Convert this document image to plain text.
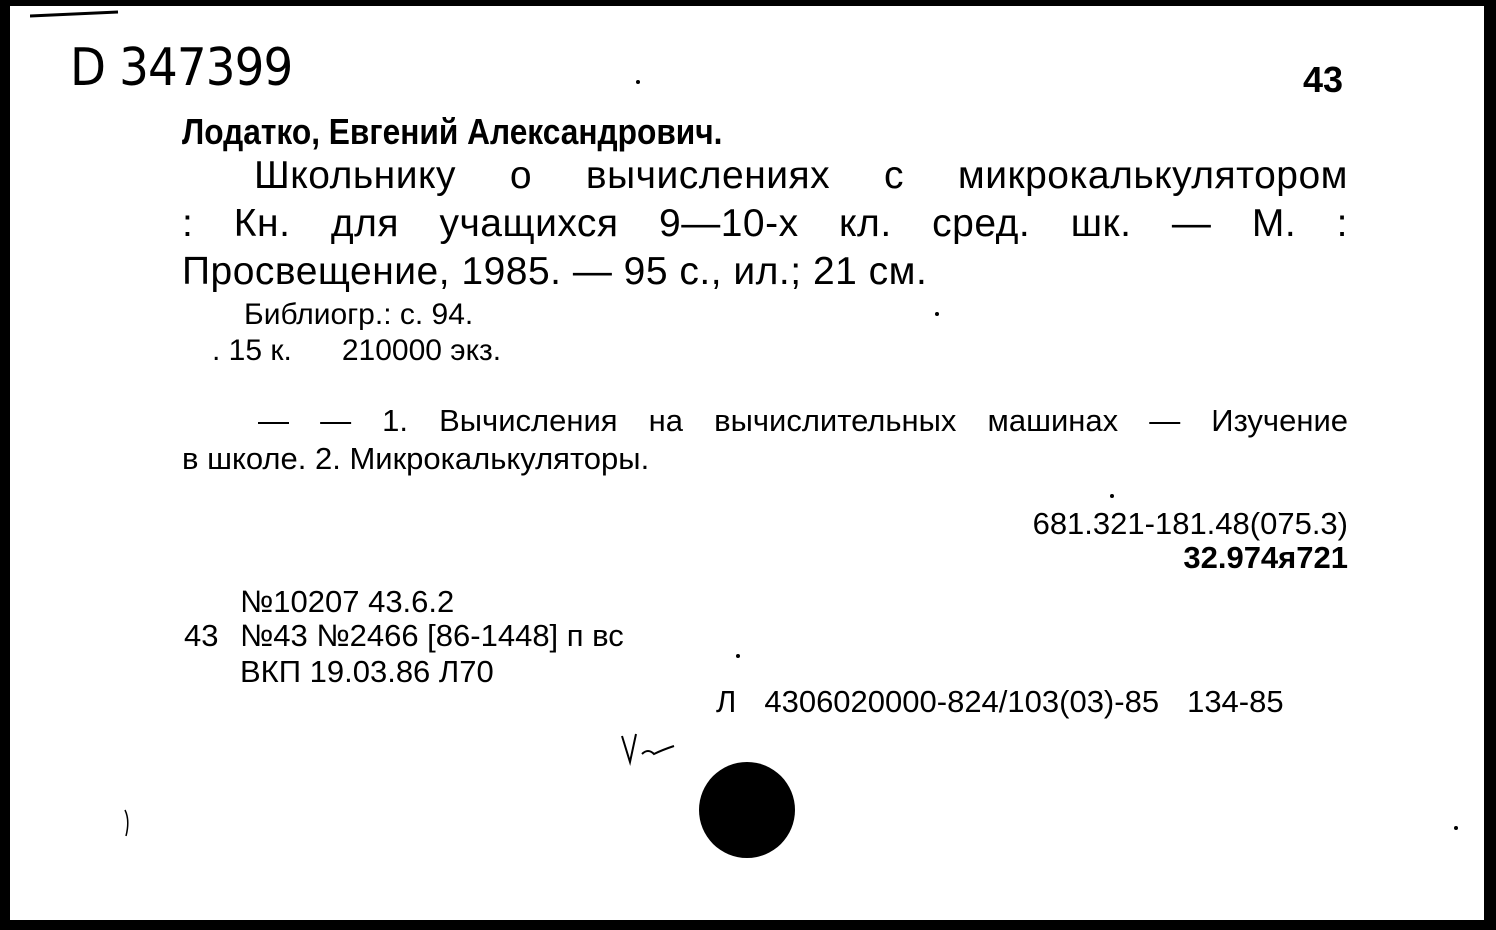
D 347399	43
Лодатко, Евгений Александрович.
Школьнику о вычислениях с микрокалькулятором
: Кн. для учащихся 9—10-х кл. сред. шк. — М. :
Просвещение, 1985. — 95 с., ил.; 21 см.
Библиогр.: с. 94.
. 15 к. 210000 экз.
— — 1. Вычисления на вычислительных машинах — Изучение
в школе. 2. Микрокалькуляторы.
681.321-181.48(075.3)
32.974я721
№10207 43.6.2
43 №43 №2466 [86-1448] п вс
ВКП 19.03.86 Л70
Л 4306020000-824/103(03)-85 134-85
